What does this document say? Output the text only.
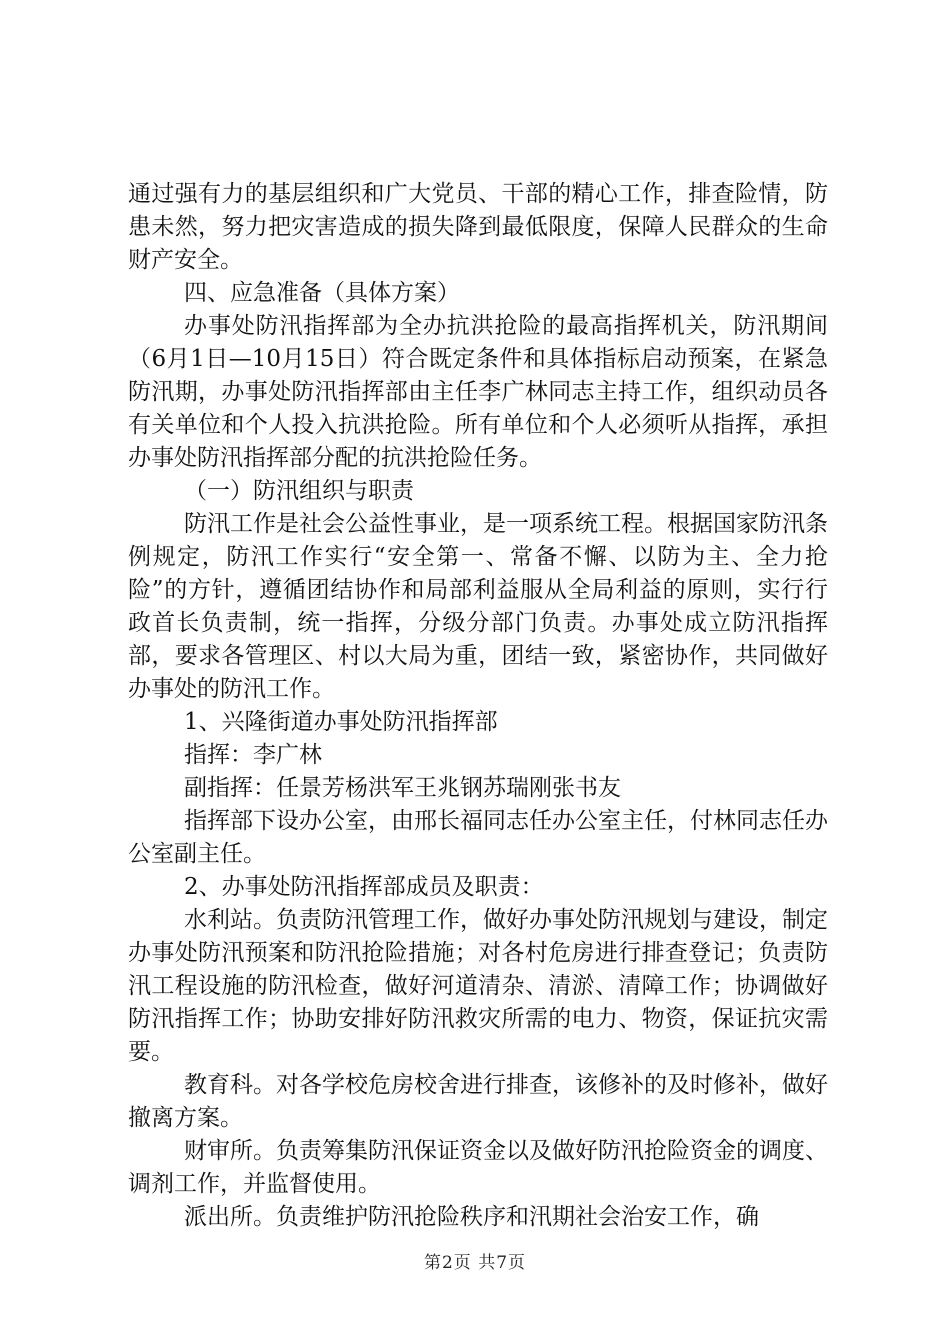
通过强有力的基层组织和广大党员、干部的精心工作，排查险情，防患未然，努力把灾害造成的损失降到最低限度，保障人民群众的生命财产安全。

四、应急准备（具体方案）

办事处防汛指挥部为全办抗洪抢险的最高指挥机关，防汛期间（6月1日—10月15日）符合既定条件和具体指标启动预案，在紧急防汛期，办事处防汛指挥部由主任李广林同志主持工作，组织动员各有关单位和个人投入抗洪抢险。所有单位和个人必须听从指挥，承担办事处防汛指挥部分配的抗洪抢险任务。

（一）防汛组织与职责

防汛工作是社会公益性事业，是一项系统工程。根据国家防汛条例规定，防汛工作实行“安全第一、常备不懈、以防为主、全力抢险”的方针，遵循团结协作和局部利益服从全局利益的原则，实行行政首长负责制，统一指挥，分级分部门负责。办事处成立防汛指挥部，要求各管理区、村以大局为重，团结一致，紧密协作，共同做好办事处的防汛工作。

1、兴隆街道办事处防汛指挥部

指挥：李广林

副指挥：任景芳杨洪军王兆钢苏瑞刚张书友

指挥部下设办公室，由邢长福同志任办公室主任，付林同志任办公室副主任。

2、办事处防汛指挥部成员及职责：

水利站。负责防汛管理工作，做好办事处防汛规划与建设，制定办事处防汛预案和防汛抢险措施；对各村危房进行排查登记；负责防汛工程设施的防汛检查，做好河道清杂、清淤、清障工作；协调做好防汛指挥工作；协助安排好防汛救灾所需的电力、物资，保证抗灾需要。

教育科。对各学校危房校舍进行排查，该修补的及时修补，做好撤离方案。

财审所。负责筹集防汛保证资金以及做好防汛抢险资金的调度、调剂工作，并监督使用。

派出所。负责维护防汛抢险秩序和汛期社会治安工作，确

第2页 共7页
